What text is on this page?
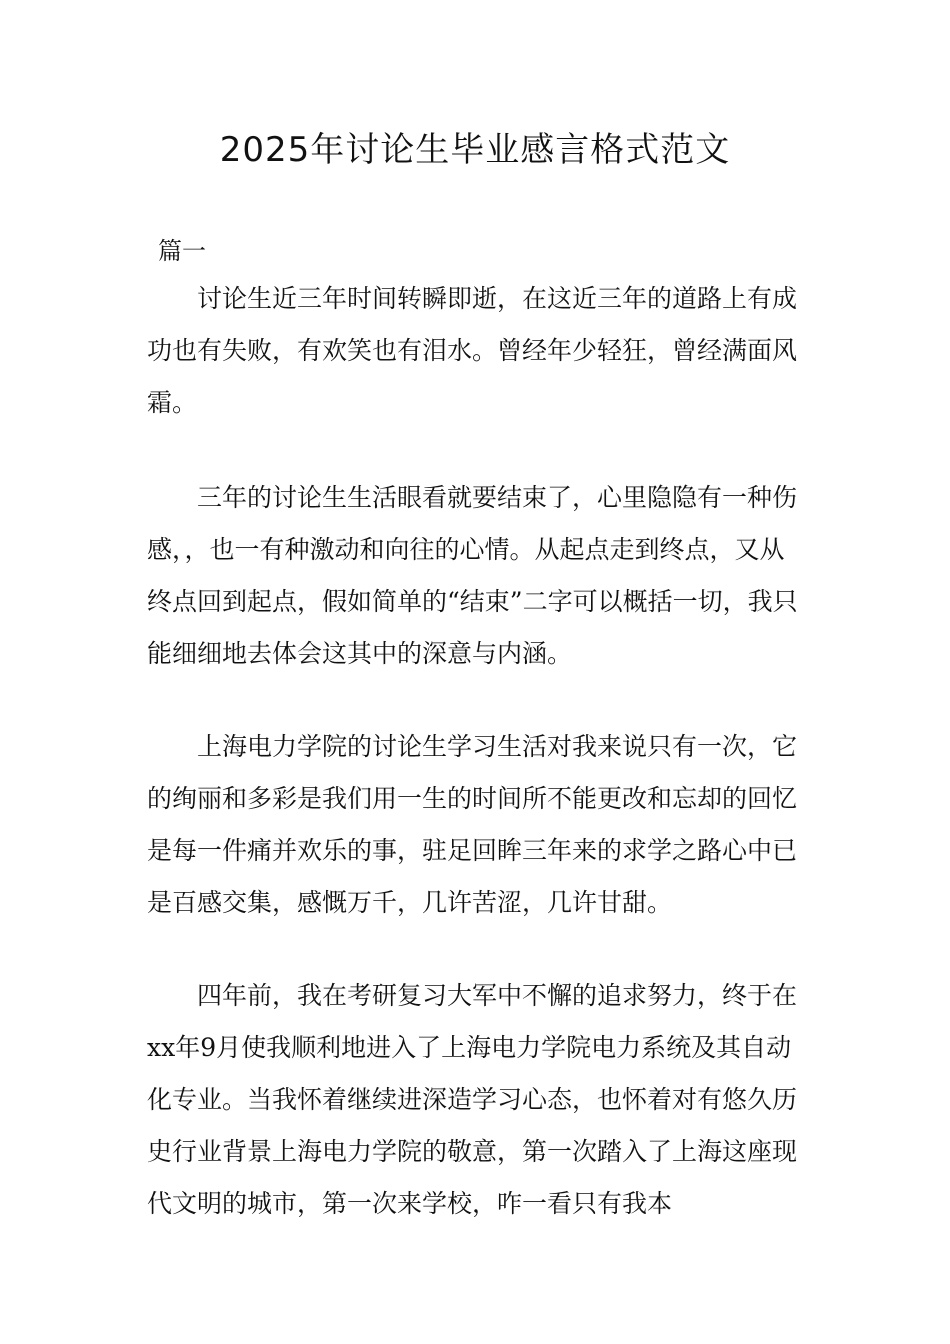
2025年讨论生毕业感言格式范文

篇一

讨论生近三年时间转瞬即逝，在这近三年的道路上有成功也有失败，有欢笑也有泪水。曾经年少轻狂，曾经满面风霜。

三年的讨论生生活眼看就要结束了，心里隐隐有一种伤感，，也一有种激动和向往的心情。从起点走到终点，又从终点回到起点，假如简单的“结束”二字可以概括一切，我只能细细地去体会这其中的深意与内涵。

上海电力学院的讨论生学习生活对我来说只有一次，它的绚丽和多彩是我们用一生的时间所不能更改和忘却的回忆是每一件痛并欢乐的事，驻足回眸三年来的求学之路心中已是百感交集，感慨万千，几许苦涩，几许甘甜。

四年前，我在考研复习大军中不懈的追求努力，终于在xx年9月使我顺利地进入了上海电力学院电力系统及其自动化专业。当我怀着继续进深造学习心态，也怀着对有悠久历史行业背景上海电力学院的敬意，第一次踏入了上海这座现代文明的城市，第一次来学校，咋一看只有我本
